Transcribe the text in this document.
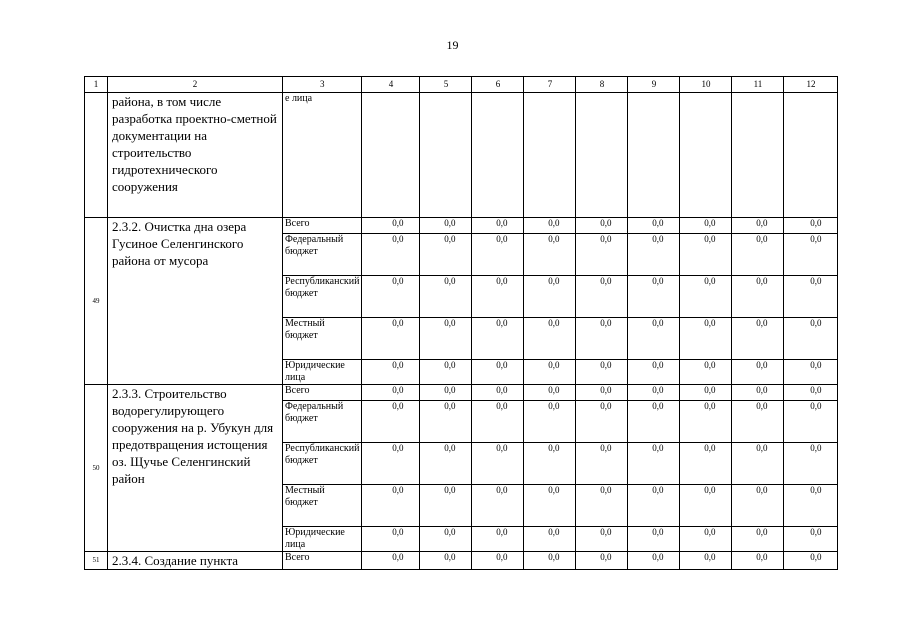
19
1	2	3	4	5	6	7	8	9	10	11	12
	района, в том числе разработка проектно-сметной документации на строительство гидротехнического сооружения	е лица									
49	2.3.2. Очистка дна озера Гусиное Селенгинского района от мусора	Всего	0,0	0,0	0,0	0,0	0,0	0,0	0,0	0,0	0,0
		Федеральный бюджет	0,0	0,0	0,0	0,0	0,0	0,0	0,0	0,0	0,0
		Республиканский бюджет	0,0	0,0	0,0	0,0	0,0	0,0	0,0	0,0	0,0
		Местный бюджет	0,0	0,0	0,0	0,0	0,0	0,0	0,0	0,0	0,0
		Юридические лица	0,0	0,0	0,0	0,0	0,0	0,0	0,0	0,0	0,0
50	2.3.3. Строительство водорегулирующего сооружения на р. Убукун для предотвращения истощения оз. Щучье Селенгинский район	Всего	0,0	0,0	0,0	0,0	0,0	0,0	0,0	0,0	0,0
		Федеральный бюджет	0,0	0,0	0,0	0,0	0,0	0,0	0,0	0,0	0,0
		Республиканский бюджет	0,0	0,0	0,0	0,0	0,0	0,0	0,0	0,0	0,0
		Местный бюджет	0,0	0,0	0,0	0,0	0,0	0,0	0,0	0,0	0,0
		Юридические лица	0,0	0,0	0,0	0,0	0,0	0,0	0,0	0,0	0,0
51	2.3.4. Создание пункта	Всего	0,0	0,0	0,0	0,0	0,0	0,0	0,0	0,0	0,0
